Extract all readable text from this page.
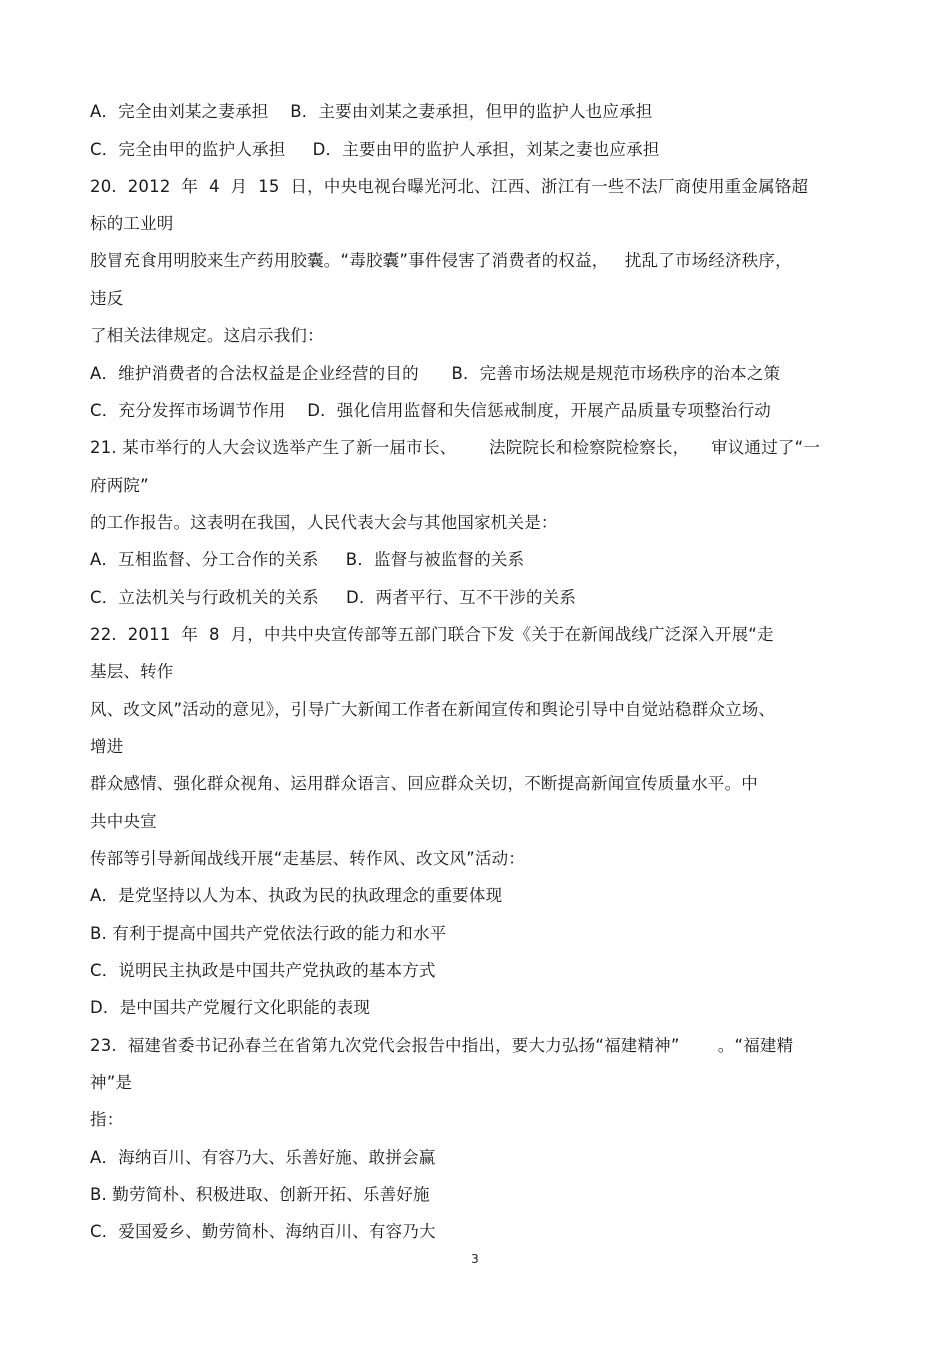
A．完全由刘某之妻承担    B．主要由刘某之妻承担，但甲的监护人也应承担
C．完全由甲的监护人承担     D．主要由甲的监护人承担，刘某之妻也应承担
20.  2012  年  4  月  15  日，中央电视台曝光河北、江西、浙江有一些不法厂商使用重金属铬超
标的工业明
胶冒充食用明胶来生产药用胶囊。“毒胶囊”事件侵害了消费者的权益，   扰乱了市场经济秩序，
违反
了相关法律规定。这启示我们：
A．维护消费者的合法权益是企业经营的目的      B．完善市场法规是规范市场秩序的治本之策
C．充分发挥市场调节作用    D．强化信用监督和失信惩戒制度，开展产品质量专项整治行动
21. 某市举行的人大会议选举产生了新一届市长、      法院院长和检察院检察长，    审议通过了“一
府两院”
的工作报告。这表明在我国，人民代表大会与其他国家机关是：
A．互相监督、分工合作的关系     B．监督与被监督的关系
C．立法机关与行政机关的关系     D．两者平行、互不干涉的关系
22.  2011  年  8  月，中共中央宣传部等五部门联合下发《关于在新闻战线广泛深入开展“走
基层、转作
风、改文风”活动的意见》，引导广大新闻工作者在新闻宣传和舆论引导中自觉站稳群众立场、
增进
群众感情、强化群众视角、运用群众语言、回应群众关切，不断提高新闻宣传质量水平。中
共中央宣
传部等引导新闻战线开展“走基层、转作风、改文风”活动：
A．是党坚持以人为本、执政为民的执政理念的重要体现
B. 有利于提高中国共产党依法行政的能力和水平
C．说明民主执政是中国共产党执政的基本方式
D．是中国共产党履行文化职能的表现
23.  福建省委书记孙春兰在省第九次党代会报告中指出，要大力弘扬“福建精神”       。“福建精
神”是
指：
A．海纳百川、有容乃大、乐善好施、敢拼会赢
B. 勤劳简朴、积极进取、创新开拓、乐善好施
C．爱国爱乡、勤劳简朴、海纳百川、有容乃大
3
